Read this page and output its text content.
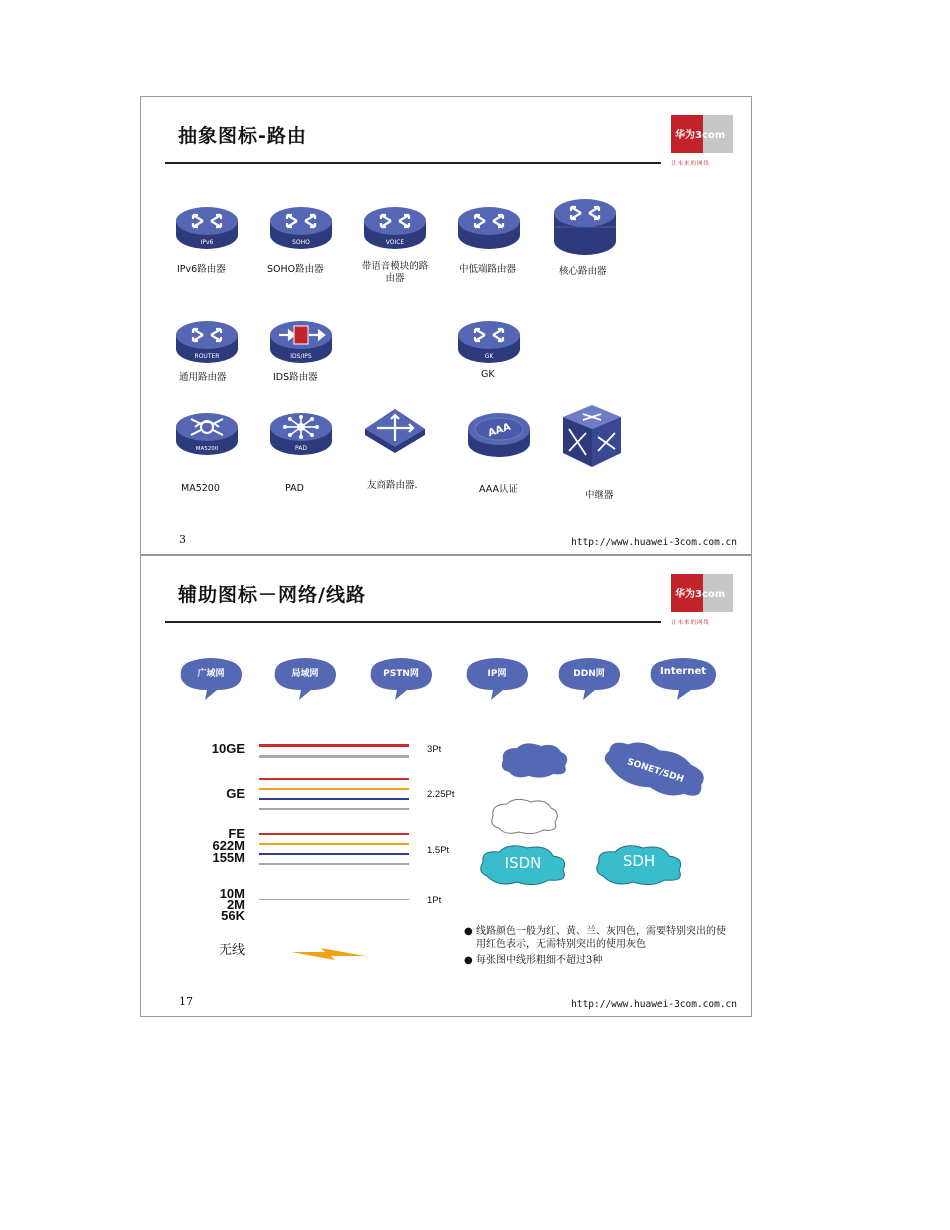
抽象图标-路由	华为3com
让未来的网络
IPv6
IPv6路由器
SOHO
SOHO路由器
VOICE
带语音模块的路由器
中低端路由器	核心路由器
ROUTER
通用路由器
IDS/IPS
IDS路由器
GK
GK
MA5200
MA5200
PAD
PAD	友商路由器.
AAA
AAA认证
中继器
3	http://www.huawei-3com.com.cn
辅助图标－网络/线路	华为3com
让未来的网络
广域网	局域网	PSTN网	IP网	DDN网	Internet
10GE	3Pt
GE	2.25Pt
FE
622M
155M	1.5Pt
10M
2M
56K
1Pt
无线
SONET/SDH
ISDN	SDH
● 线路颜色一般为红、黄、兰、灰四色，需要特别突出的使用红色表示，无需特别突出的使用灰色
● 每张图中线形粗细不超过3种
17	http://www.huawei-3com.com.cn
